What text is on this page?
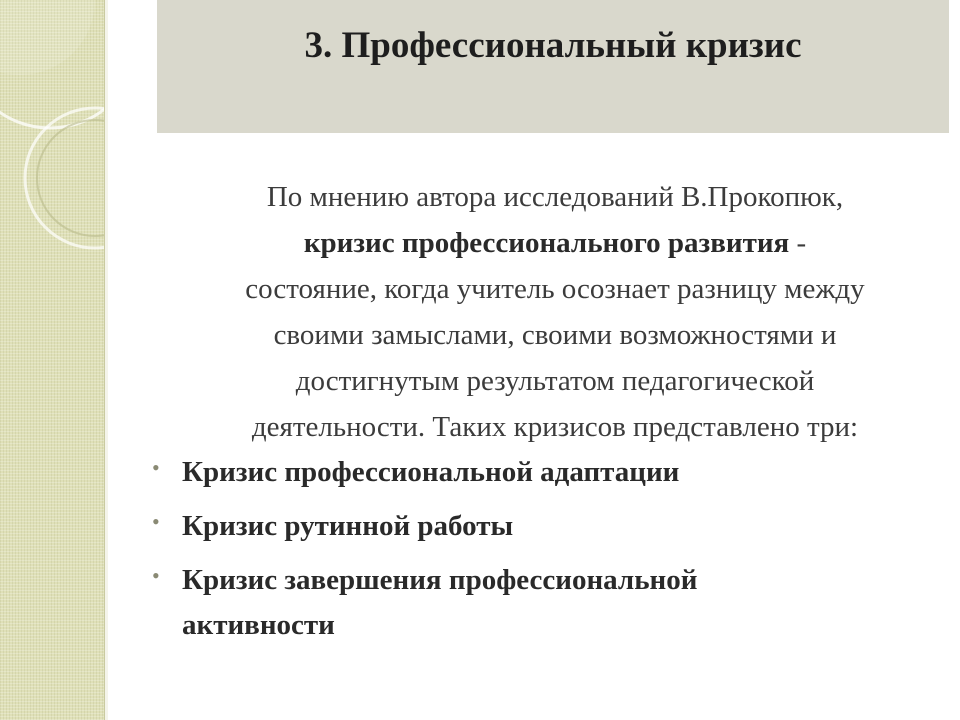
3. Профессиональный кризис

По мнению автора исследований В.Прокопюк,
кризис профессионального развития -
состояние, когда учитель осознает разницу между
своими замыслами, своими возможностями и
достигнутым результатом педагогической
деятельности. Таких кризисов представлено три:

• Кризис профессиональной адаптации
• Кризис рутинной работы
• Кризис завершения профессиональной
активности
